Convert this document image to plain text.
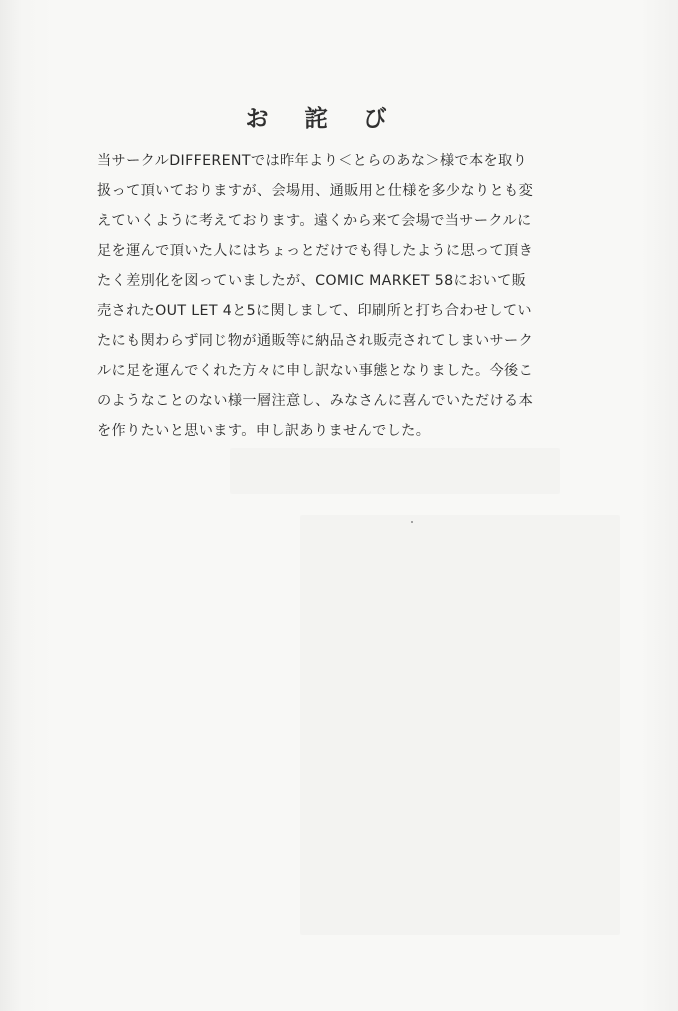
お 詫 び
当サークルDIFFERENTでは昨年より＜とらのあな＞様で本を取り
扱って頂いておりますが、会場用、通販用と仕様を多少なりとも変
えていくように考えております。遠くから来て会場で当サークルに
足を運んで頂いた人にはちょっとだけでも得したように思って頂き
たく差別化を図っていましたが、COMIC MARKET 58において販
売されたOUT LET 4と5に関しまして、印刷所と打ち合わせしてい
たにも関わらず同じ物が通販等に納品され販売されてしまいサーク
ルに足を運んでくれた方々に申し訳ない事態となりました。今後こ
のようなことのない様一層注意し、みなさんに喜んでいただける本
を作りたいと思います。申し訳ありませんでした。
